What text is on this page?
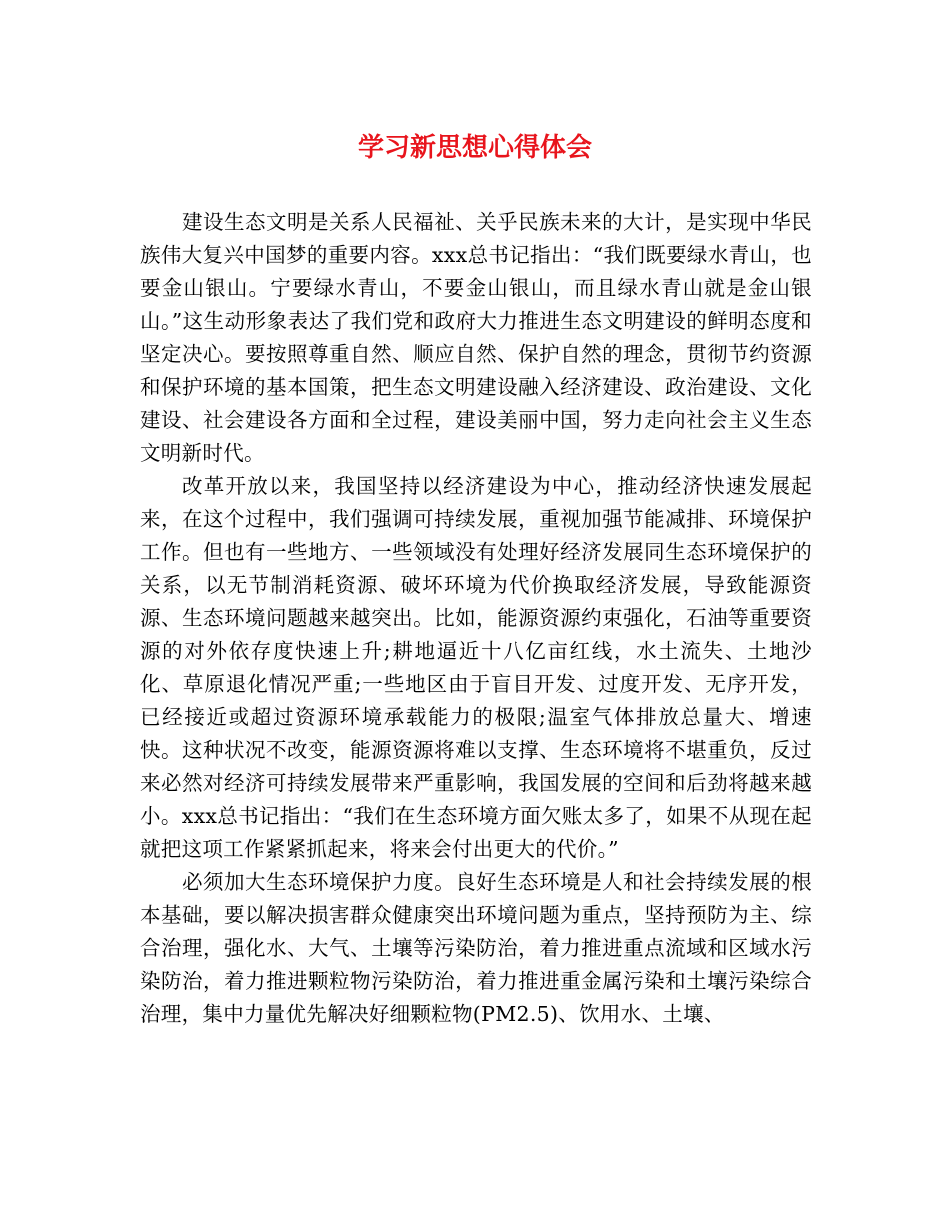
学习新思想心得体会

建设生态文明是关系人民福祉、关乎民族未来的大计，是实现中华民族伟大复兴中国梦的重要内容。xxx总书记指出：“我们既要绿水青山，也要金山银山。宁要绿水青山，不要金山银山，而且绿水青山就是金山银山。”这生动形象表达了我们党和政府大力推进生态文明建设的鲜明态度和坚定决心。要按照尊重自然、顺应自然、保护自然的理念，贯彻节约资源和保护环境的基本国策，把生态文明建设融入经济建设、政治建设、文化建设、社会建设各方面和全过程，建设美丽中国，努力走向社会主义生态文明新时代。

改革开放以来，我国坚持以经济建设为中心，推动经济快速发展起来，在这个过程中，我们强调可持续发展，重视加强节能减排、环境保护工作。但也有一些地方、一些领域没有处理好经济发展同生态环境保护的关系，以无节制消耗资源、破坏环境为代价换取经济发展，导致能源资源、生态环境问题越来越突出。比如，能源资源约束强化，石油等重要资源的对外依存度快速上升;耕地逼近十八亿亩红线，水土流失、土地沙化、草原退化情况严重;一些地区由于盲目开发、过度开发、无序开发，已经接近或超过资源环境承载能力的极限;温室气体排放总量大、增速快。这种状况不改变，能源资源将难以支撑、生态环境将不堪重负，反过来必然对经济可持续发展带来严重影响，我国发展的空间和后劲将越来越小。xxx总书记指出：“我们在生态环境方面欠账太多了，如果不从现在起就把这项工作紧紧抓起来，将来会付出更大的代价。”

必须加大生态环境保护力度。良好生态环境是人和社会持续发展的根本基础，要以解决损害群众健康突出环境问题为重点，坚持预防为主、综合治理，强化水、大气、土壤等污染防治，着力推进重点流域和区域水污染防治，着力推进颗粒物污染防治，着力推进重金属污染和土壤污染综合治理，集中力量优先解决好细颗粒物(PM2.5)、饮用水、土壤、
